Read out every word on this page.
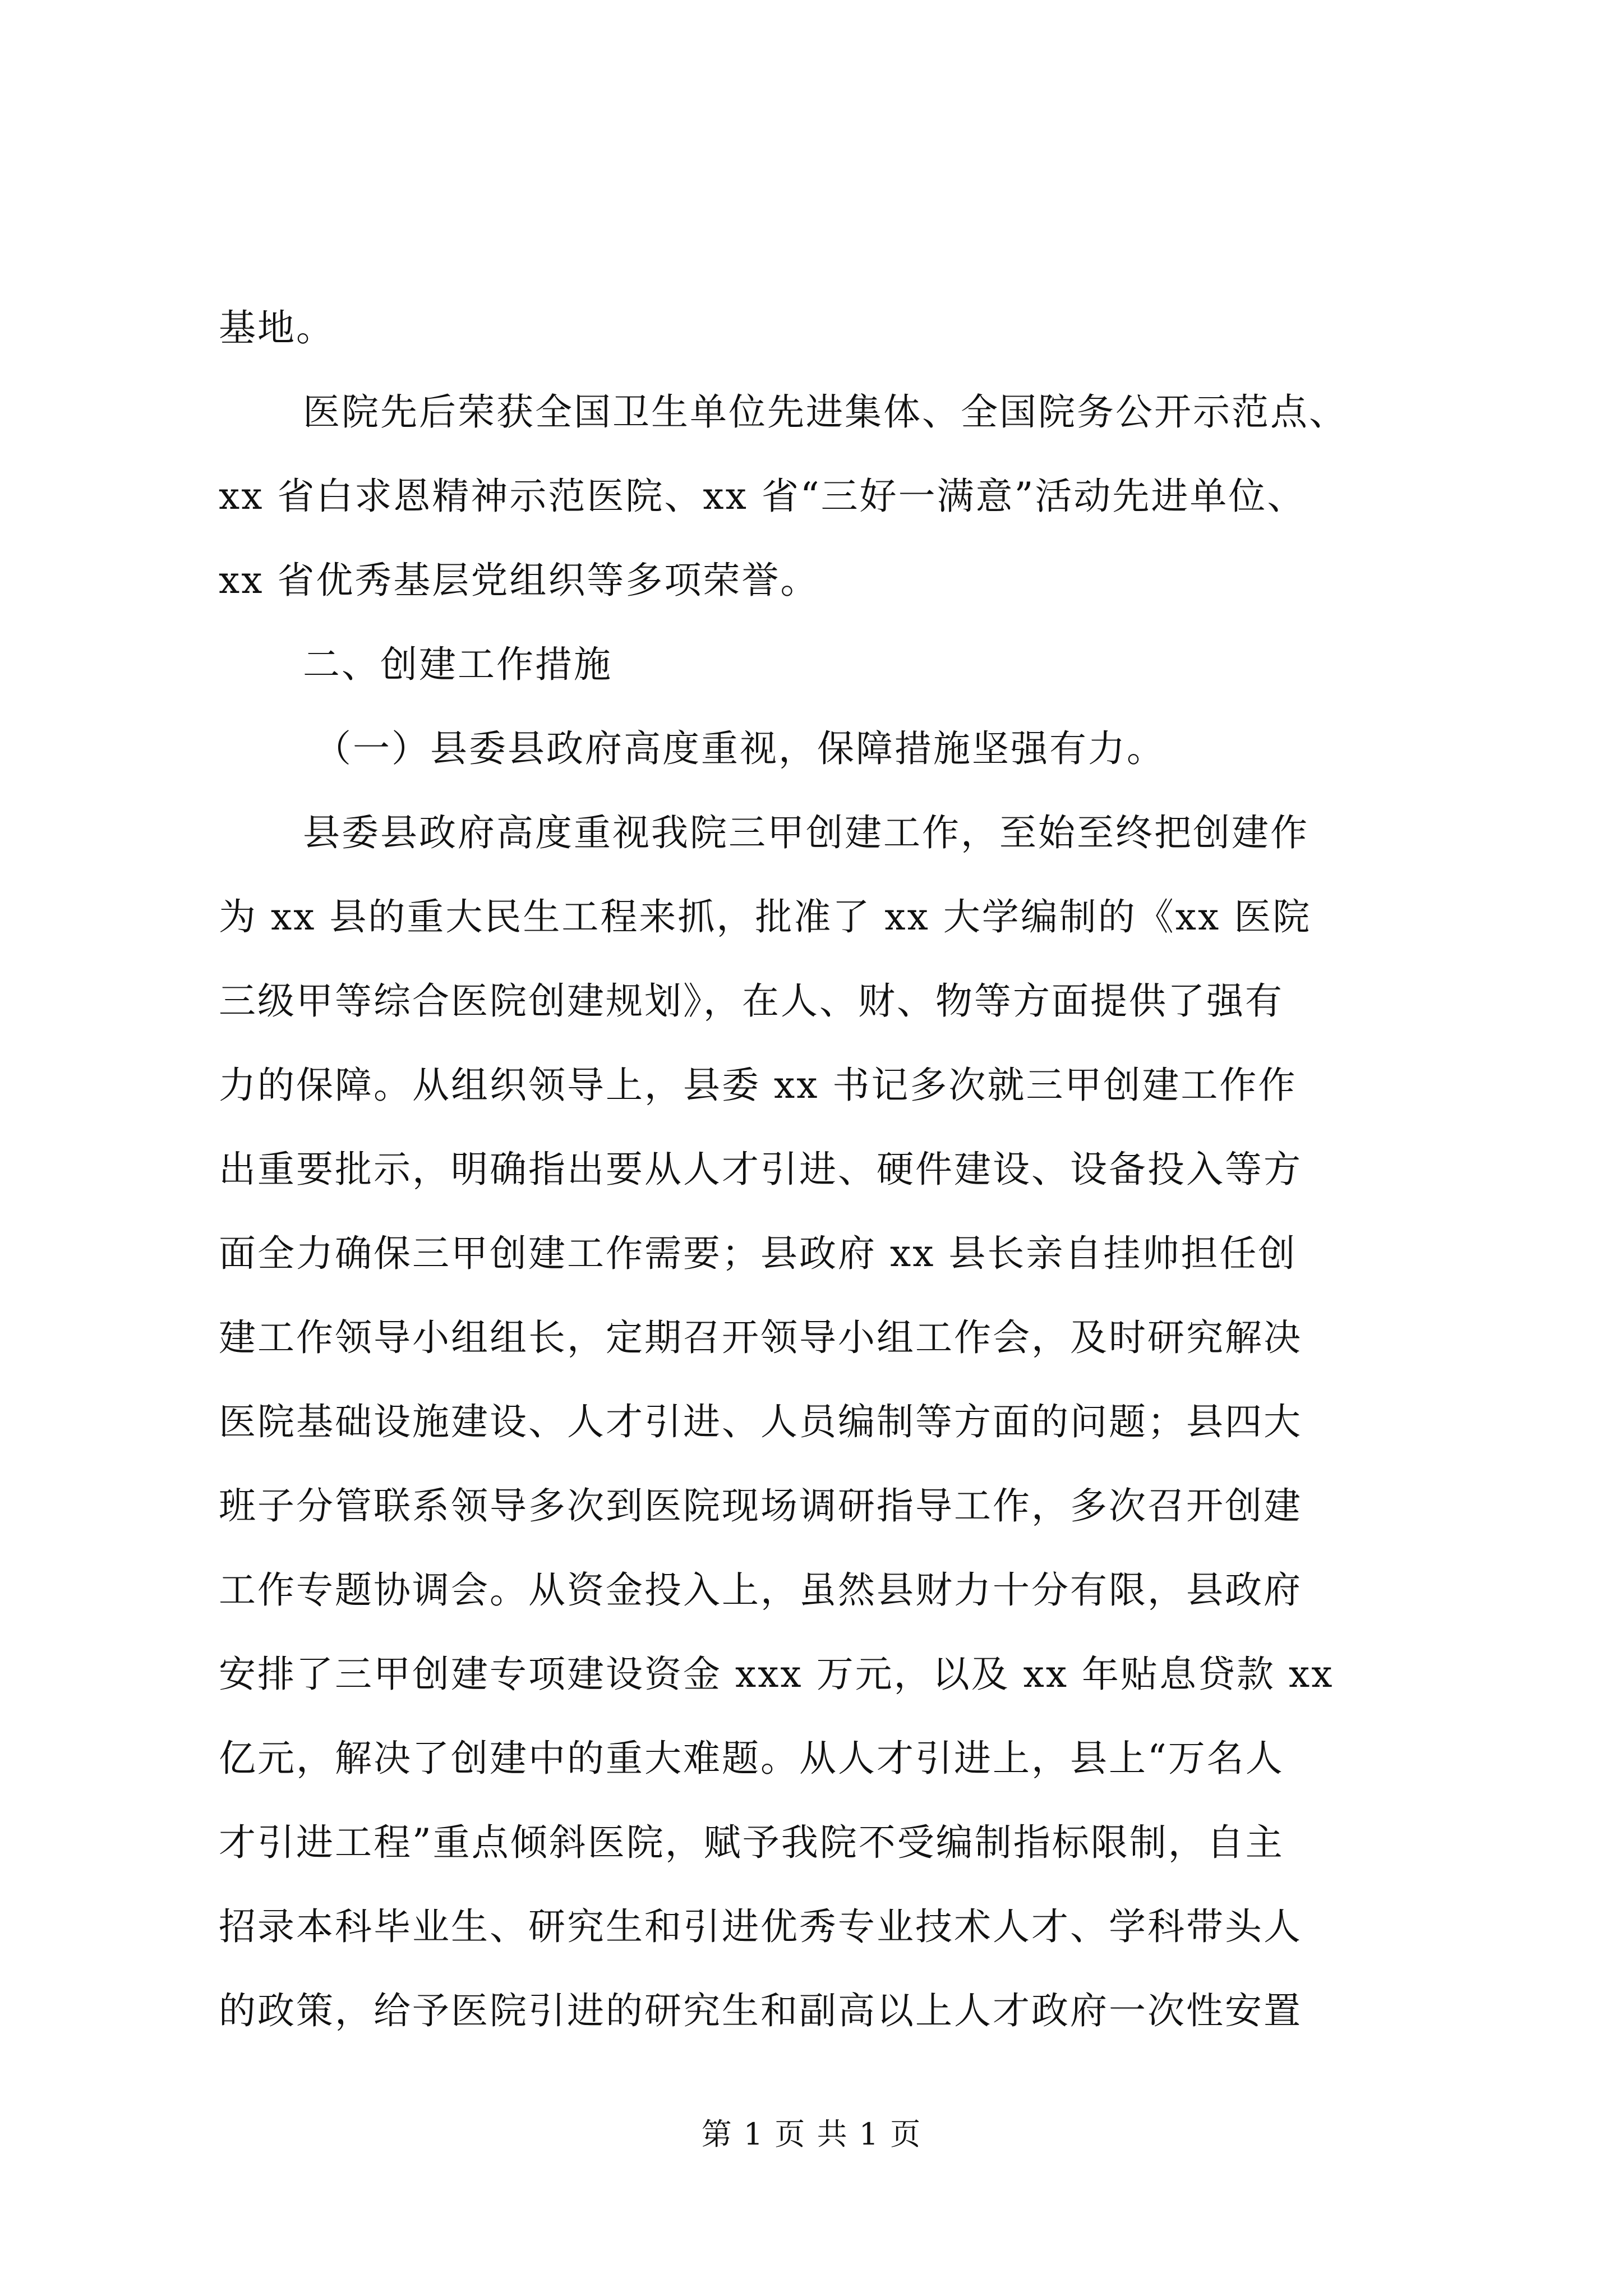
基地。
医院先后荣获全国卫生单位先进集体、全国院务公开示范点、
xx 省白求恩精神示范医院、xx 省“三好一满意”活动先进单位、
xx 省优秀基层党组织等多项荣誉。
二、创建工作措施
（一）县委县政府高度重视，保障措施坚强有力。
县委县政府高度重视我院三甲创建工作，至始至终把创建作
为 xx 县的重大民生工程来抓，批准了 xx 大学编制的《xx 医院
三级甲等综合医院创建规划》，在人、财、物等方面提供了强有
力的保障。从组织领导上，县委 xx 书记多次就三甲创建工作作
出重要批示，明确指出要从人才引进、硬件建设、设备投入等方
面全力确保三甲创建工作需要；县政府 xx 县长亲自挂帅担任创
建工作领导小组组长，定期召开领导小组工作会，及时研究解决
医院基础设施建设、人才引进、人员编制等方面的问题；县四大
班子分管联系领导多次到医院现场调研指导工作，多次召开创建
工作专题协调会。从资金投入上，虽然县财力十分有限，县政府
安排了三甲创建专项建设资金 xxx 万元，以及 xx 年贴息贷款 xx
亿元，解决了创建中的重大难题。从人才引进上，县上“万名人
才引进工程”重点倾斜医院，赋予我院不受编制指标限制，自主
招录本科毕业生、研究生和引进优秀专业技术人才、学科带头人
的政策，给予医院引进的研究生和副高以上人才政府一次性安置
第 1 页 共 1 页
